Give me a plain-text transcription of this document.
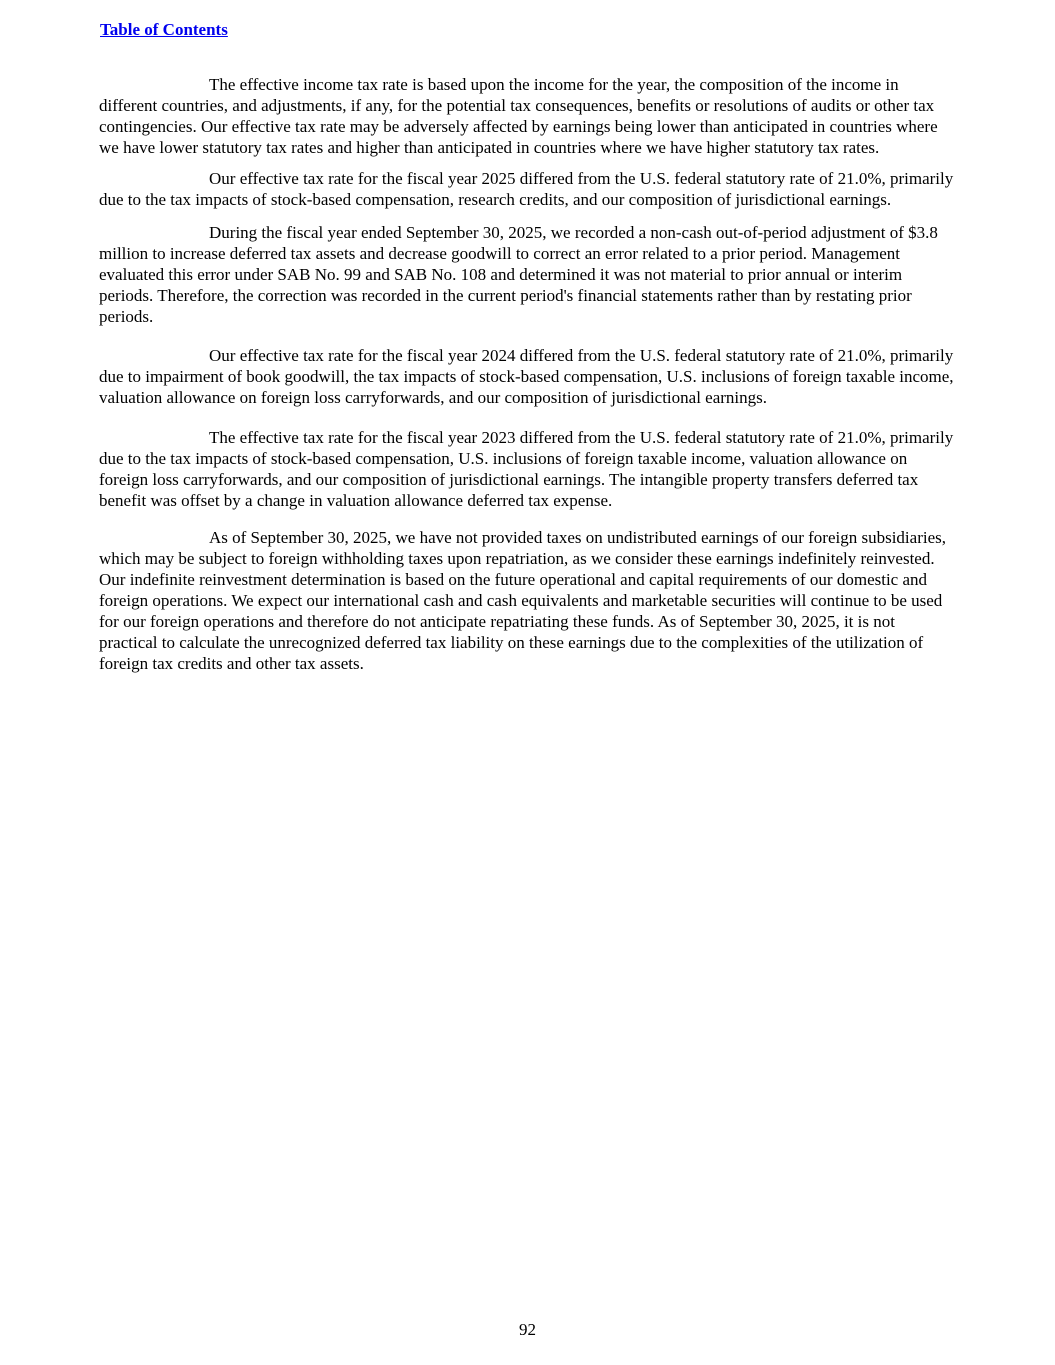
Table of Contents

The effective income tax rate is based upon the income for the year, the composition of the income in different countries, and adjustments, if any, for the potential tax consequences, benefits or resolutions of audits or other tax contingencies. Our effective tax rate may be adversely affected by earnings being lower than anticipated in countries where we have lower statutory tax rates and higher than anticipated in countries where we have higher statutory tax rates.

Our effective tax rate for the fiscal year 2025 differed from the U.S. federal statutory rate of 21.0%, primarily due to the tax impacts of stock-based compensation, research credits, and our composition of jurisdictional earnings.

During the fiscal year ended September 30, 2025, we recorded a non-cash out-of-period adjustment of $3.8 million to increase deferred tax assets and decrease goodwill to correct an error related to a prior period. Management evaluated this error under SAB No. 99 and SAB No. 108 and determined it was not material to prior annual or interim periods. Therefore, the correction was recorded in the current period's financial statements rather than by restating prior periods.

Our effective tax rate for the fiscal year 2024 differed from the U.S. federal statutory rate of 21.0%, primarily due to impairment of book goodwill, the tax impacts of stock-based compensation, U.S. inclusions of foreign taxable income, valuation allowance on foreign loss carryforwards, and our composition of jurisdictional earnings.

The effective tax rate for the fiscal year 2023 differed from the U.S. federal statutory rate of 21.0%, primarily due to the tax impacts of stock-based compensation, U.S. inclusions of foreign taxable income, valuation allowance on foreign loss carryforwards, and our composition of jurisdictional earnings. The intangible property transfers deferred tax benefit was offset by a change in valuation allowance deferred tax expense.

As of September 30, 2025, we have not provided taxes on undistributed earnings of our foreign subsidiaries, which may be subject to foreign withholding taxes upon repatriation, as we consider these earnings indefinitely reinvested. Our indefinite reinvestment determination is based on the future operational and capital requirements of our domestic and foreign operations. We expect our international cash and cash equivalents and marketable securities will continue to be used for our foreign operations and therefore do not anticipate repatriating these funds. As of September 30, 2025, it is not practical to calculate the unrecognized deferred tax liability on these earnings due to the complexities of the utilization of foreign tax credits and other tax assets.

92
